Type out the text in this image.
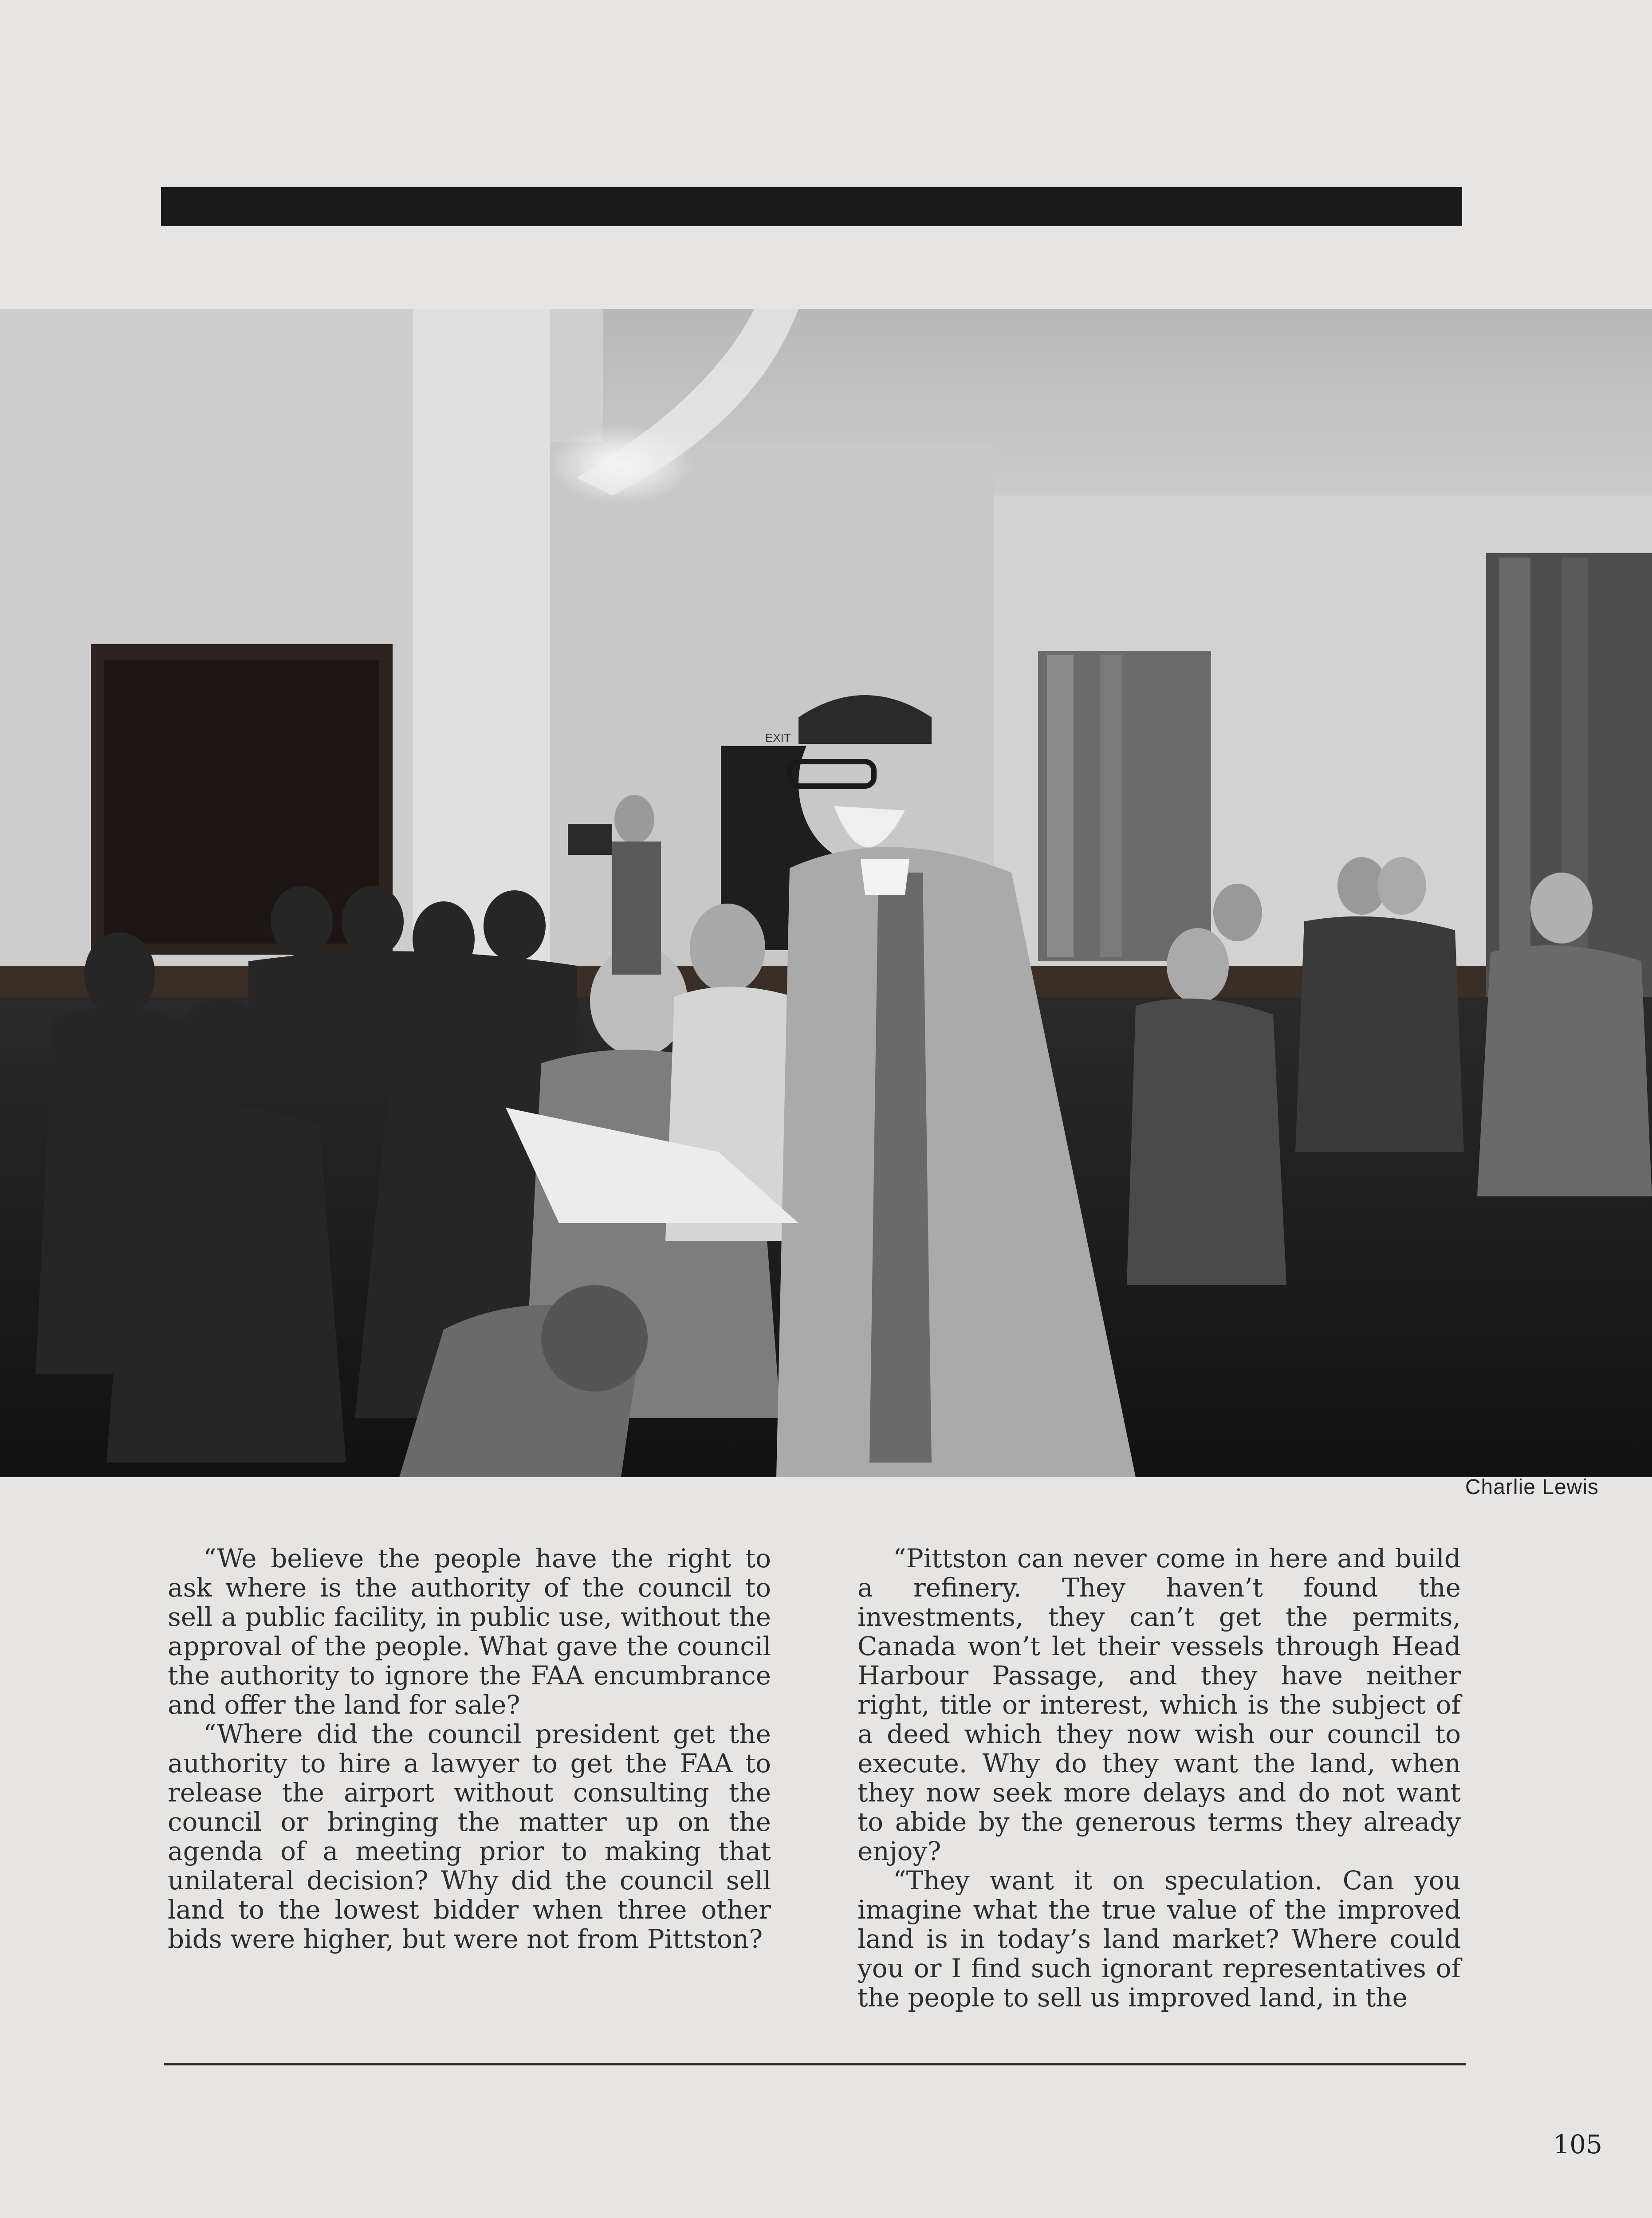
EXIT
Charlie Lewis

“We believe the people have the right to ask where is the authority of the council to sell a public facility, in public use, without the approval of the people. What gave the council the authority to ignore the FAA encumbrance and offer the land for sale?

“Where did the council president get the authority to hire a lawyer to get the FAA to release the airport without consulting the council or bringing the matter up on the agenda of a meeting prior to making that unilateral decision? Why did the council sell land to the lowest bidder when three other bids were higher, but were not from Pittston?

“Pittston can never come in here and build a refinery. They haven’t found the investments, they can’t get the permits, Canada won’t let their vessels through Head Harbour Passage, and they have neither right, title or interest, which is the subject of a deed which they now wish our council to execute. Why do they want the land, when they now seek more delays and do not want to abide by the generous terms they already enjoy?

“They want it on speculation. Can you imagine what the true value of the improved land is in today’s land market? Where could you or I find such ignorant representatives of the people to sell us improved land, in the

105
